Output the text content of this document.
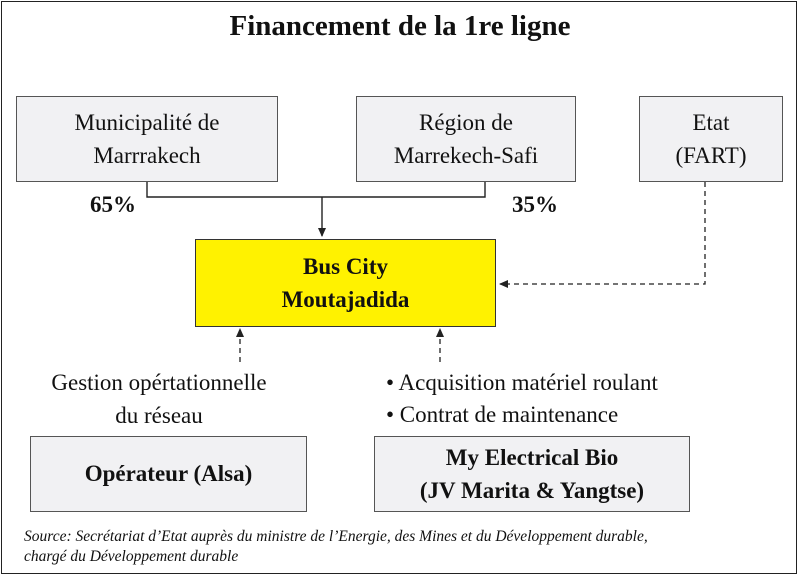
Financement de la 1re ligne
Municipalité de
Marrrakech
Région de
Marrekech-Safi
Etat
(FART)
65%	35%
Bus City
Moutajadida
Gestion opértationnelle
du réseau
• Acquisition matériel roulant
• Contrat de maintenance
Opérateur (Alsa)
My Electrical Bio
(JV Marita & Yangtse)
Source: Secrétariat d’Etat auprès du ministre de l’Energie, des Mines et du Développement durable,
chargé du Développement durable
